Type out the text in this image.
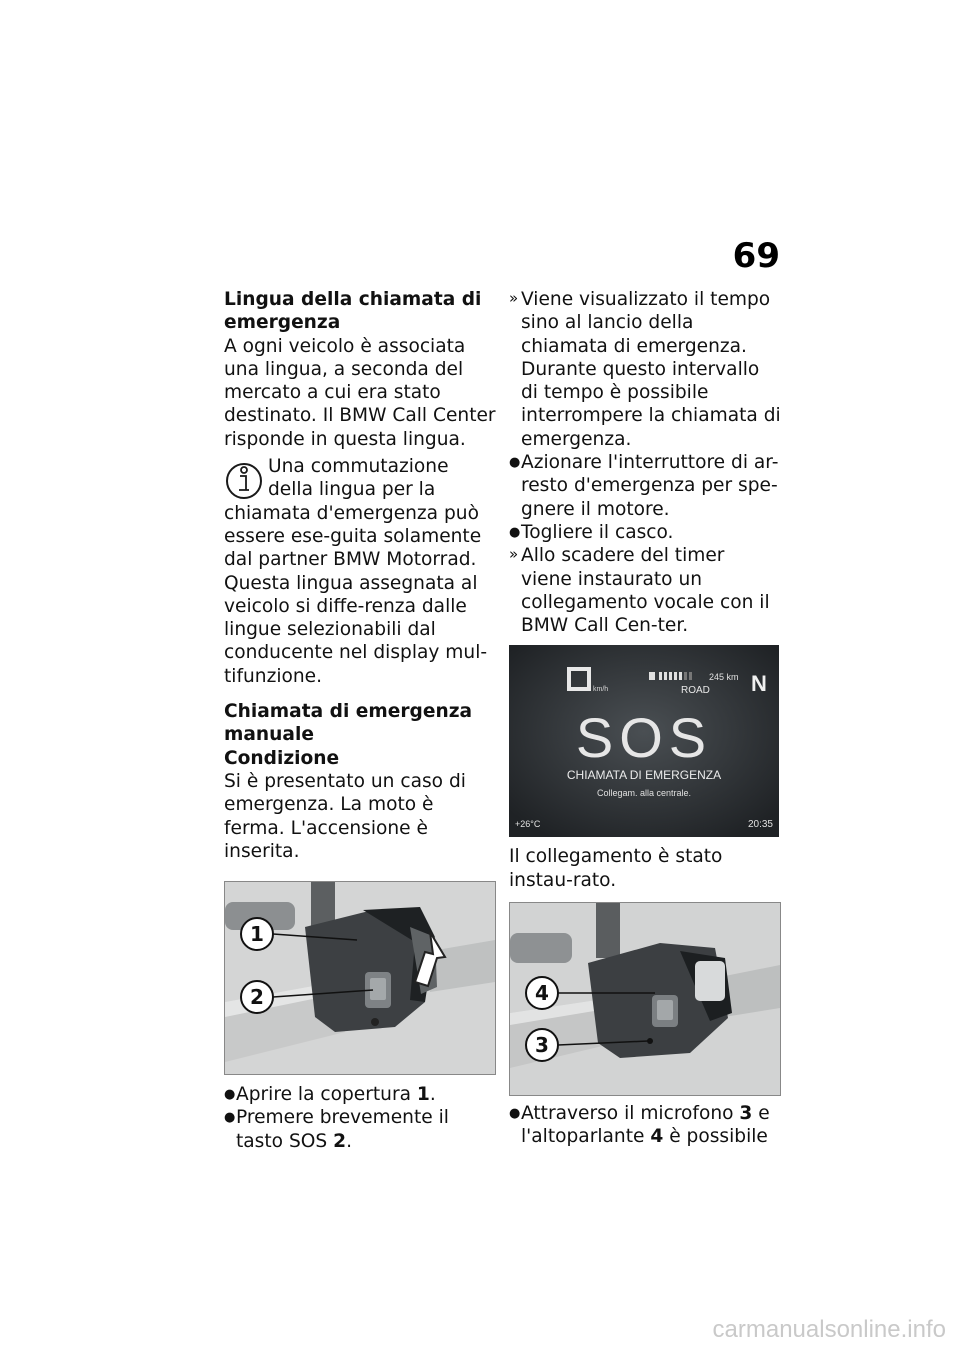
69

Lingua della chiamata di emergenza

A ogni veicolo è associata una lingua, a seconda del mercato a cui era stato destinato. Il BMW Call Center risponde in questa lingua.

Una commutazione della lingua per la chiamata d'emergenza può essere ese-guita solamente dal partner BMW Motorrad. Questa lingua assegnata al veicolo si diffe-renza dalle lingue selezionabili dal conducente nel display mul-tifunzione.

Chiamata di emergenza manuale

Condizione

Si è presentato un caso di emergenza. La moto è ferma. L'accensione è inserita.

1
2
● Aprire la copertura 1.
● Premere brevemente il tasto SOS 2.
» Viene visualizzato il tempo sino al lancio della chiamata di emergenza. Durante questo intervallo di tempo è possibile interrompere la chiamata di emergenza.
● Azionare l'interruttore di ar-resto d'emergenza per spe-gnere il motore.
● Togliere il casco.
» Allo scadere del timer viene instaurato un collegamento vocale con il BMW Call Cen-ter.
km/h
245 km
ROAD N
SOS
CHIAMATA DI EMERGENZA
Collegam. alla centrale.
+26°C	20:35

Il collegamento è stato instau-rato.

4
3
● Attraverso il microfono 3 e l'altoparlante 4 è possibile
carmanualsonline.info
